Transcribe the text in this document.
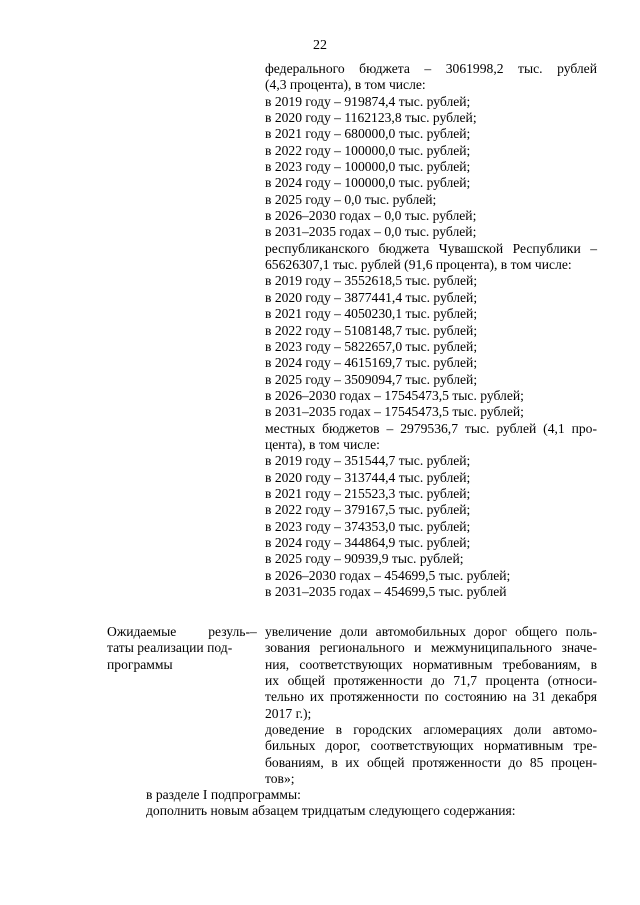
22
федерального бюджета – 3061998,2 тыс. рублей
(4,3 процента), в том числе:
в 2019 году – 919874,4 тыс. рублей;
в 2020 году – 1162123,8 тыс. рублей;
в 2021 году – 680000,0 тыс. рублей;
в 2022 году – 100000,0 тыс. рублей;
в 2023 году – 100000,0 тыс. рублей;
в 2024 году – 100000,0 тыс. рублей;
в 2025 году – 0,0 тыс. рублей;
в 2026–2030 годах – 0,0 тыс. рублей;
в 2031–2035 годах – 0,0 тыс. рублей;
республиканского бюджета Чувашской Республики –
65626307,1 тыс. рублей (91,6 процента), в том числе:
в 2019 году – 3552618,5 тыс. рублей;
в 2020 году – 3877441,4 тыс. рублей;
в 2021 году – 4050230,1 тыс. рублей;
в 2022 году – 5108148,7 тыс. рублей;
в 2023 году – 5822657,0 тыс. рублей;
в 2024 году – 4615169,7 тыс. рублей;
в 2025 году – 3509094,7 тыс. рублей;
в 2026–2030 годах – 17545473,5 тыс. рублей;
в 2031–2035 годах – 17545473,5 тыс. рублей;
местных бюджетов – 2979536,7 тыс. рублей (4,1 про-
цента), в том числе:
в 2019 году – 351544,7 тыс. рублей;
в 2020 году – 313744,4 тыс. рублей;
в 2021 году – 215523,3 тыс. рублей;
в 2022 году – 379167,5 тыс. рублей;
в 2023 году – 374353,0 тыс. рублей;
в 2024 году – 344864,9 тыс. рублей;
в 2025 году – 90939,9 тыс. рублей;
в 2026–2030 годах – 454699,5 тыс. рублей;
в 2031–2035 годах – 454699,5 тыс. рублей
Ожидаемые резуль-
таты реализации под-
программы
– увеличение доли автомобильных дорог общего поль-
зования регионального и межмуниципального значе-
ния, соответствующих нормативным требованиям, в
их общей протяженности до 71,7 процента (относи-
тельно их протяженности по состоянию на 31 декабря
2017 г.);
доведение в городских агломерациях доли автомо-
бильных дорог, соответствующих нормативным тре-
бованиям, в их общей протяженности до 85 процен-
тов»;
в разделе I подпрограммы:
дополнить новым абзацем тридцатым следующего содержания:
